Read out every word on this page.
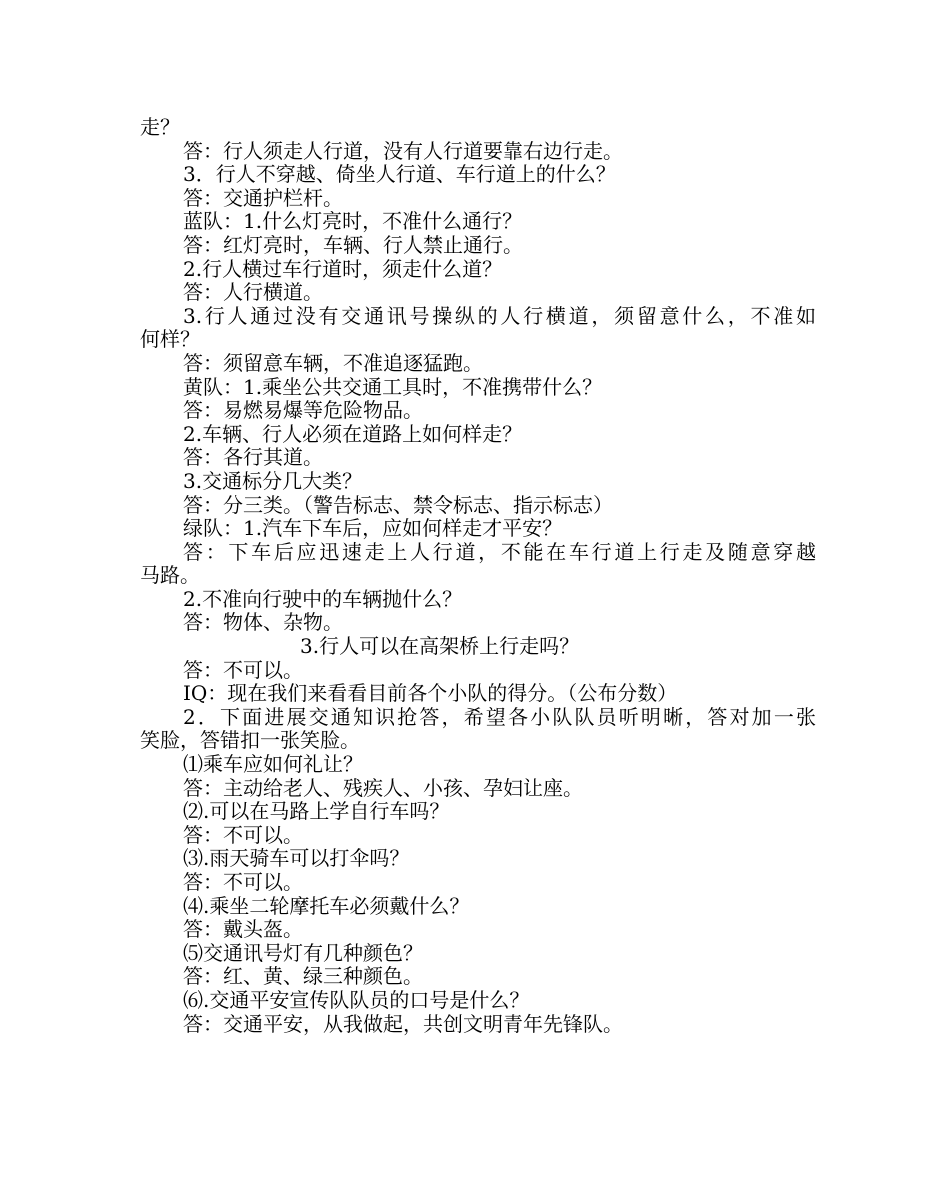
走？
答：行人须走人行道，没有人行道要靠右边行走。
3．行人不穿越、倚坐人行道、车行道上的什么？
答：交通护栏杆。
蓝队：1.什么灯亮时，不准什么通行？
答：红灯亮时，车辆、行人禁止通行。
2.行人横过车行道时，须走什么道？
答：人行横道。
3.行人通过没有交通讯号操纵的人行横道，须留意什么，不准如
何样？
答：须留意车辆，不准追逐猛跑。
黄队：1.乘坐公共交通工具时，不准携带什么？
答：易燃易爆等危险物品。
2.车辆、行人必须在道路上如何样走？
答：各行其道。
3.交通标分几大类？
答：分三类。（警告标志、禁令标志、指示标志）
绿队：1.汽车下车后，应如何样走才平安？
答：下车后应迅速走上人行道，不能在车行道上行走及随意穿越
马路。
2.不准向行驶中的车辆抛什么？
答：物体、杂物。
3.行人可以在高架桥上行走吗？
答：不可以。
IQ：现在我们来看看目前各个小队的得分。（公布分数）
2．下面进展交通知识抢答，希望各小队队员听明晰，答对加一张
笑脸，答错扣一张笑脸。
⑴乘车应如何礼让？
答：主动给老人、残疾人、小孩、孕妇让座。
⑵.可以在马路上学自行车吗？
答：不可以。
⑶.雨天骑车可以打伞吗？
答：不可以。
⑷.乘坐二轮摩托车必须戴什么？
答：戴头盔。
⑸交通讯号灯有几种颜色？
答：红、黄、绿三种颜色。
⑹.交通平安宣传队队员的口号是什么？
答：交通平安，从我做起，共创文明青年先锋队。
